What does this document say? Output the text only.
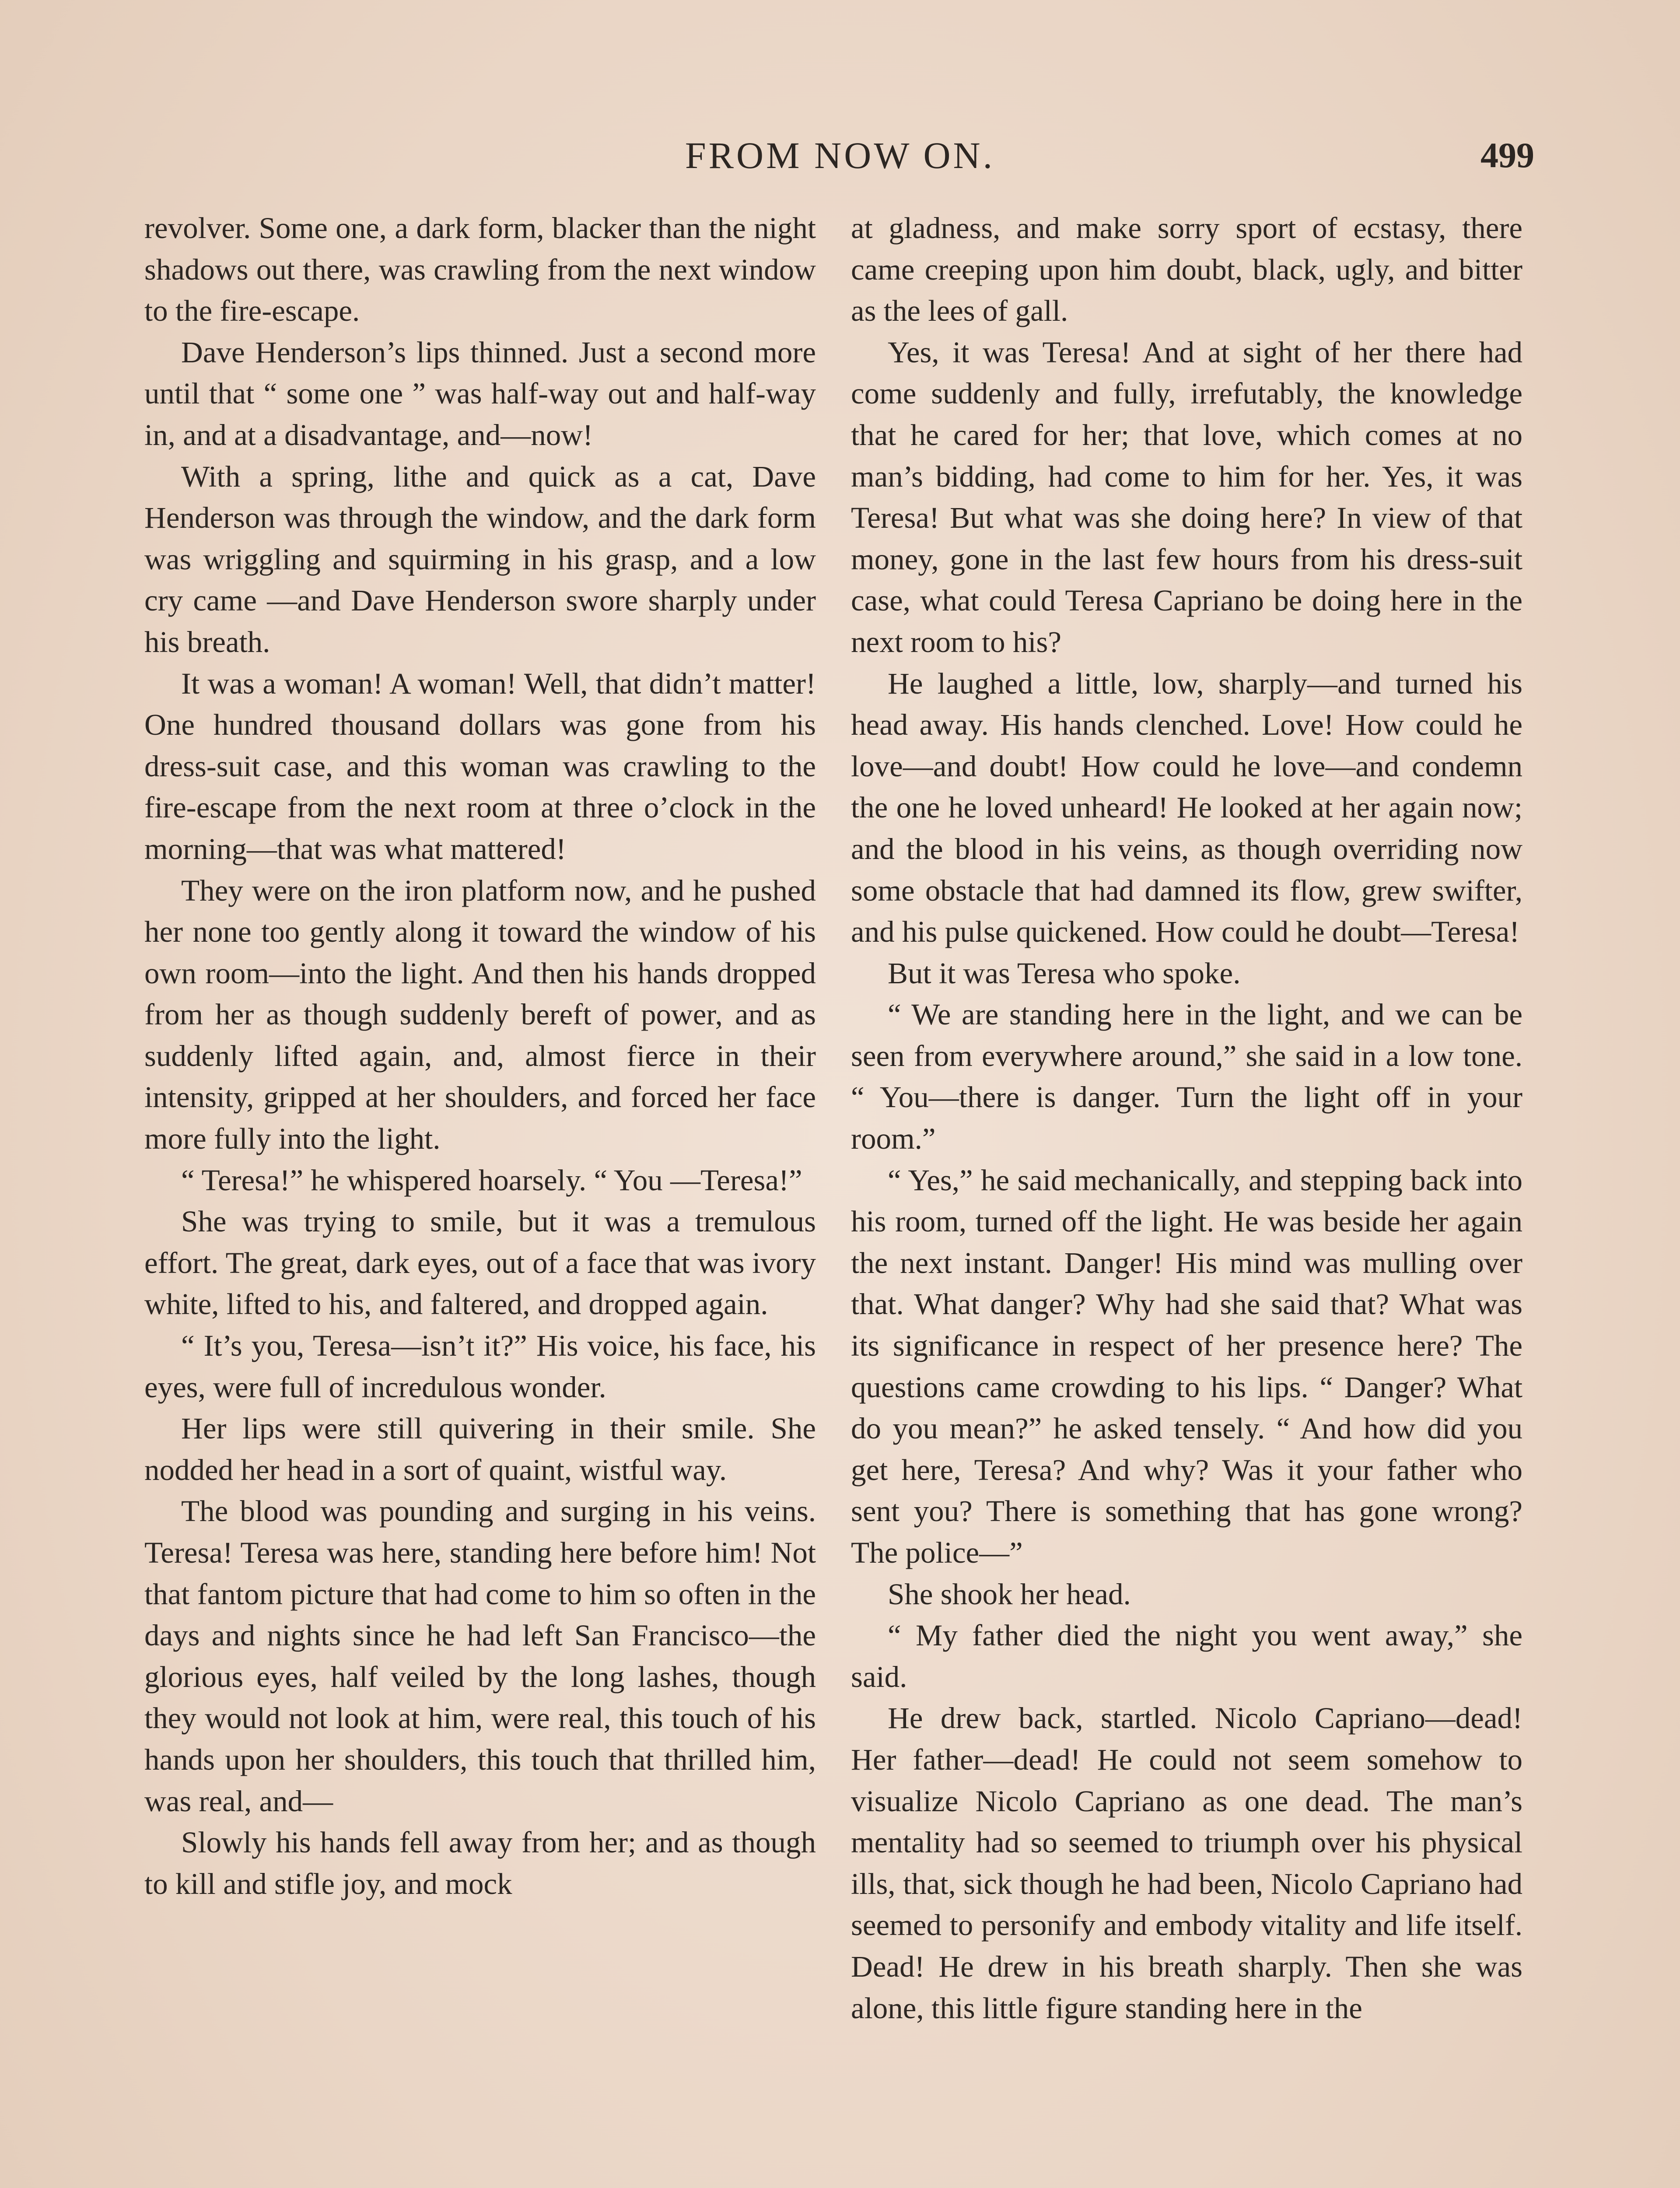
FROM NOW ON.	499

revolver. Some one, a dark form, blacker than the night shadows out there, was crawling from the next window to the fire-escape.

Dave Henderson’s lips thinned. Just a second more until that “ some one ” was half-way out and half-way in, and at a disadvantage, and—now!

With a spring, lithe and quick as a cat, Dave Henderson was through the window, and the dark form was wriggling and squirming in his grasp, and a low cry came —and Dave Henderson swore sharply under his breath.

It was a woman! A woman! Well, that didn’t matter! One hundred thousand dollars was gone from his dress-suit case, and this woman was crawling to the fire-escape from the next room at three o’clock in the morning—that was what mattered!

They were on the iron platform now, and he pushed her none too gently along it toward the window of his own room—into the light. And then his hands dropped from her as though suddenly bereft of power, and as suddenly lifted again, and, almost fierce in their intensity, gripped at her shoulders, and forced her face more fully into the light.

“ Teresa!” he whispered hoarsely. “ You —Teresa!”

She was trying to smile, but it was a tremulous effort. The great, dark eyes, out of a face that was ivory white, lifted to his, and faltered, and dropped again.

“ It’s you, Teresa—isn’t it?” His voice, his face, his eyes, were full of incredulous wonder.

Her lips were still quivering in their smile. She nodded her head in a sort of quaint, wistful way.

The blood was pounding and surging in his veins. Teresa! Teresa was here, standing here before him! Not that fantom picture that had come to him so often in the days and nights since he had left San Francisco—the glorious eyes, half veiled by the long lashes, though they would not look at him, were real, this touch of his hands upon her shoulders, this touch that thrilled him, was real, and—

Slowly his hands fell away from her; and as though to kill and stifle joy, and mock

at gladness, and make sorry sport of ecstasy, there came creeping upon him doubt, black, ugly, and bitter as the lees of gall.

Yes, it was Teresa! And at sight of her there had come suddenly and fully, irrefutably, the knowledge that he cared for her; that love, which comes at no man’s bidding, had come to him for her. Yes, it was Teresa! But what was she doing here? In view of that money, gone in the last few hours from his dress-suit case, what could Teresa Capriano be doing here in the next room to his?

He laughed a little, low, sharply—and turned his head away. His hands clenched. Love! How could he love—and doubt! How could he love—and condemn the one he loved unheard! He looked at her again now; and the blood in his veins, as though overriding now some obstacle that had damned its flow, grew swifter, and his pulse quickened. How could he doubt—Teresa!

But it was Teresa who spoke.

“ We are standing here in the light, and we can be seen from everywhere around,” she said in a low tone. “ You—there is danger. Turn the light off in your room.”

“ Yes,” he said mechanically, and stepping back into his room, turned off the light. He was beside her again the next instant. Danger! His mind was mulling over that. What danger? Why had she said that? What was its significance in respect of her presence here? The questions came crowding to his lips. “ Danger? What do you mean?” he asked tensely. “ And how did you get here, Teresa? And why? Was it your father who sent you? There is something that has gone wrong? The police—”

She shook her head.

“ My father died the night you went away,” she said.

He drew back, startled. Nicolo Capriano—dead! Her father—dead! He could not seem somehow to visualize Nicolo Capriano as one dead. The man’s mentality had so seemed to triumph over his physical ills, that, sick though he had been, Nicolo Capriano had seemed to personify and embody vitality and life itself. Dead! He drew in his breath sharply. Then she was alone, this little figure standing here in the
